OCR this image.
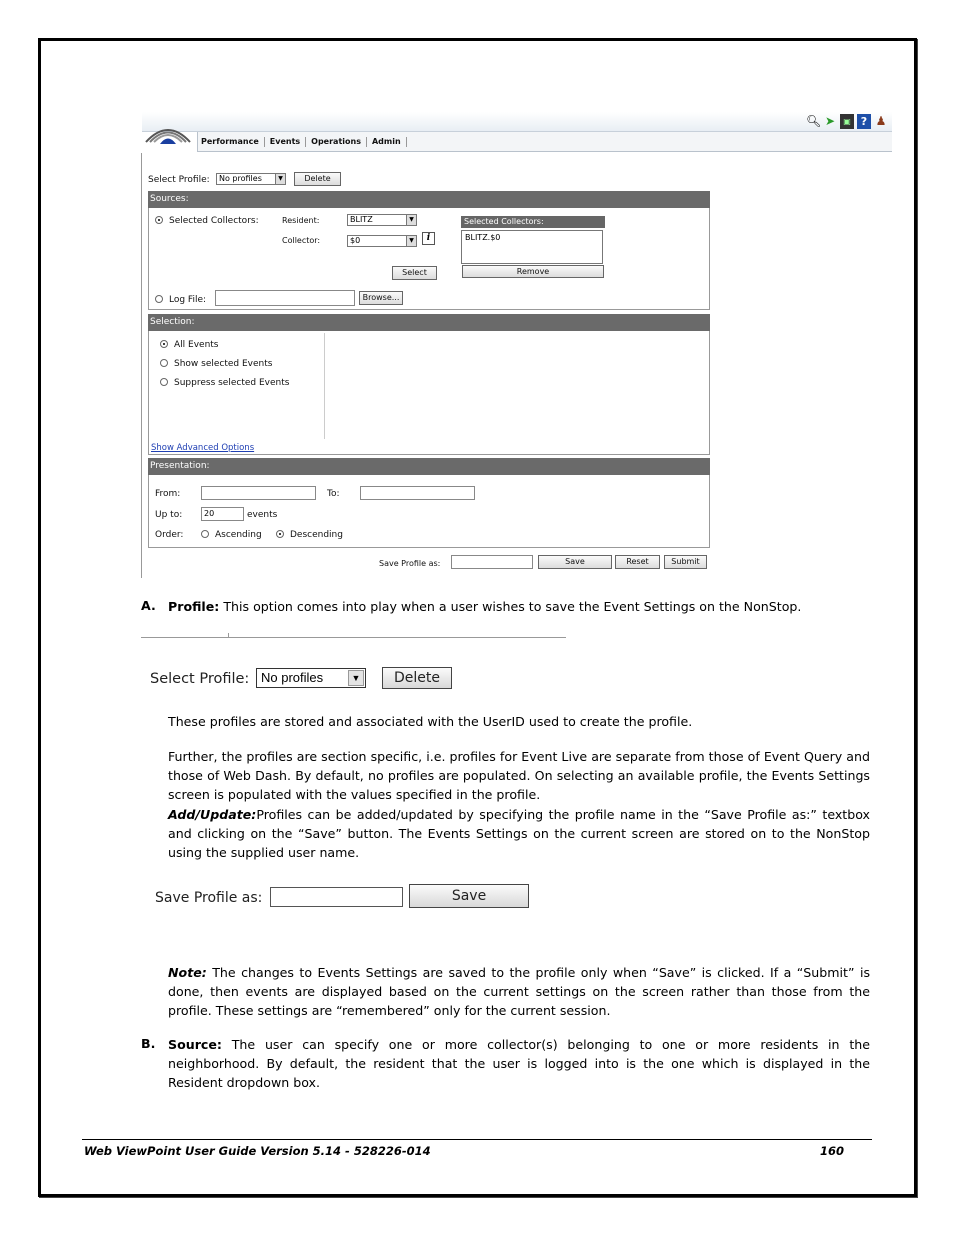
Performance	Events	Operations	Admin
🔍︎ ➤	▣ ? ♟
Select Profile:	No profiles	▼	Delete
Sources:
Selected Collectors:	Resident:	BLITZ	▼
Collector:	$0	▼	i
Selected Collectors:
BLITZ.$0
Select	Remove
Log File:	Browse...
Selection:
All Events
Show selected Events
Suppress selected Events
Show Advanced Options
Presentation:
From:	To:
Up to:	20	events
Order:	Ascending	Descending
Save Profile as:	Save	Reset	Submit
A. Profile: This option comes into play when a user wishes to save the Event Settings on the NonStop.
Select Profile: No profiles	▼	Delete
These profiles are stored and associated with the UserID used to create the profile.
Further, the profiles are section specific, i.e. profiles for Event Live are separate from those of Event Query and those of Web Dash. By default, no profiles are populated. On selecting an available profile, the Events Settings screen is populated with the values specified in the profile.
Add/Update:Profiles can be added/updated by specifying the profile name in the “Save Profile as:” textbox and clicking on the “Save” button. The Events Settings on the current screen are stored on to the NonStop using the supplied user name.
Save Profile as:	Save
Note: The changes to Events Settings are saved to the profile only when “Save” is clicked. If a “Submit” is done, then events are displayed based on the current settings on the screen rather than those from the profile. These settings are “remembered” only for the current session.
B. Source: The user can specify one or more collector(s) belonging to one or more residents in the neighborhood. By default, the resident that the user is logged into is the one which is displayed in the Resident dropdown box.
Web ViewPoint User Guide Version 5.14 - 528226-014	160
